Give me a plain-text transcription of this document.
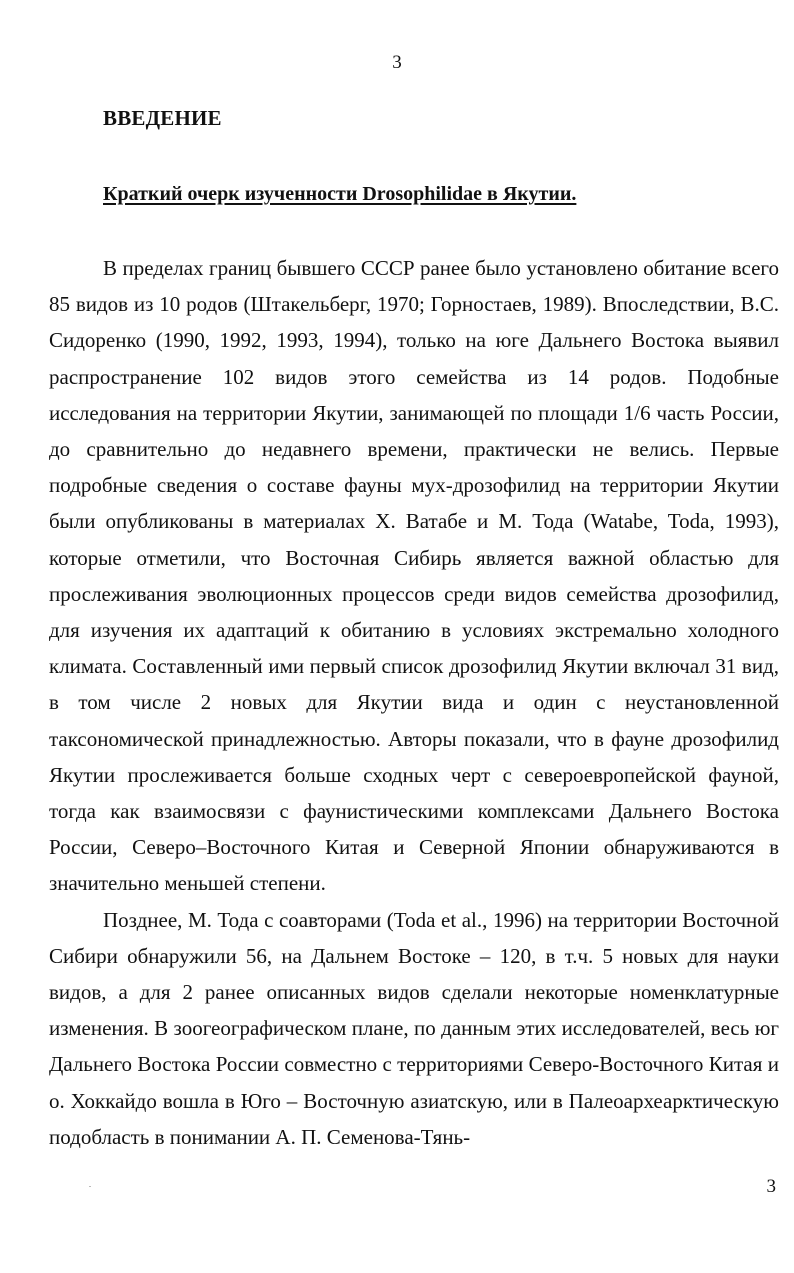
3
ВВЕДЕНИЕ
Краткий очерк изученности Drosophilidae в Якутии.

В пределах границ бывшего СССР ранее было установлено обитание всего 85 видов из 10 родов (Штакельберг, 1970; Горностаев, 1989). Впоследствии, В.С. Сидоренко (1990, 1992, 1993, 1994), только на юге Дальнего Востока выявил распространение 102 видов этого семейства из 14 родов. Подобные исследования на территории Якутии, занимающей по площади 1/6 часть России, до сравнительно до недавнего времени, практически не велись. Первые подробные сведения о составе фауны мух-дрозофилид на территории Якутии были опубликованы в материалах Х. Ватабе и М. Тода (Watabe, Toda, 1993), которые отметили, что Восточная Сибирь является важной областью для прослеживания эволюционных процессов среди видов семейства дрозофилид, для изучения их адаптаций к обитанию в условиях экстремально холодного климата. Составленный ими первый список дрозофилид Якутии включал 31 вид, в том числе 2 новых для Якутии вида и один с неустановленной таксономической принадлежностью. Авторы показали, что в фауне дрозофилид Якутии прослеживается больше сходных черт с североевропейской фауной, тогда как взаимосвязи с фаунистическими комплексами Дальнего Востока России, Северо–Восточного Китая и Северной Японии обнаруживаются в значительно меньшей степени.

Позднее, М. Тода с соавторами (Toda et al., 1996) на территории Восточной Сибири обнаружили 56, на Дальнем Востоке – 120, в т.ч. 5 новых для науки видов, а для 2 ранее описанных видов сделали некоторые номенклатурные изменения. В зоогеографическом плане, по данным этих исследователей, весь юг Дальнего Востока России совместно с территориями Северо-Восточного Китая и о. Хоккайдо вошла в Юго – Восточную азиатскую, или в Палеоархеарктическую подобласть в понимании А. П. Семенова-Тянь-

3
